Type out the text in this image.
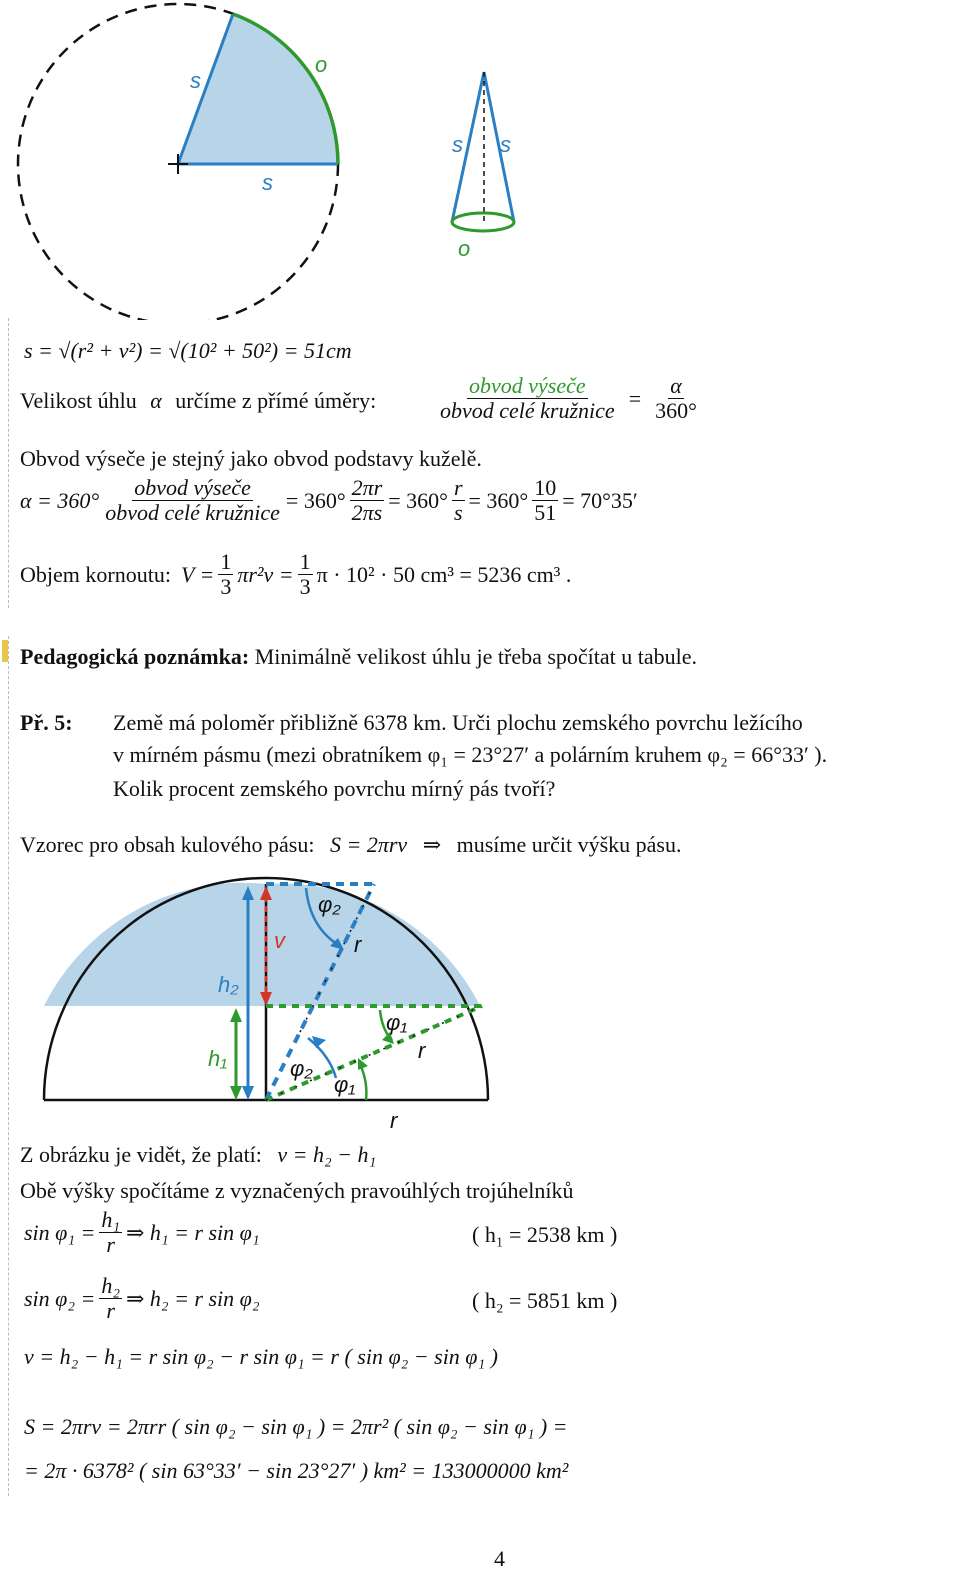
s
o
s
s s
o
s = √(r² + v²) = √(10² + 50²) = 51cm
Velikost úhlu α určíme z přímé úměry:	$\frac{\text{obvod výseče}}{\text{obvod celé kružnice}} = \frac{\alpha}{360^\circ}$
Obvod výseče je stejný jako obvod podstavy kuželě.
$\alpha = 360^\circ \frac{\text{obvod výseče}}{\text{obvod celé kružnice}} = 360^\circ \frac{2\pi r}{2\pi s} = 360^\circ \frac{r}{s} = 360^\circ \frac{10}{51} = 70^\circ 35'$
Objem kornoutu: $V = \frac{1}{3} \pi r^2v = \frac{1}{3}$ π · 10² · 50 cm³ = 5236 cm³ .
Pedagogická poznámka: Minimálně velikost úhlu je třeba spočítat u tabule.
Př. 5: Země má poloměr přibližně 6378 km. Urči plochu zemského povrchu ležícího
v mírném pásmu (mezi obratníkem φ₁ = 23°27′ a polárním kruhem φ₂ = 66°33′ ).
Kolik procent zemského povrchu mírný pás tvoří?
Vzorec pro obsah kulového pásu: S = 2πrv ⇒ musíme určit výšku pásu.
φ₂
v	r
h₂
φ₁
r
h₁	φ₂
φ₁
r
Z obrázku je vidět, že platí: v = h₂ − h₁
Obě výšky spočítáme z vyznačených pravoúhlých trojúhelníků
$\sin \varphi_1 = \frac{\text{h₁}}{r}$ ⇒ h₁ = r sin φ₁	( h₁ = 2538 km )
$\sin \varphi_2 = \frac{\text{h₂}}{r}$ ⇒ h₂ = r sin φ₂	( h₂ = 5851 km )
v = h₂ − h₁ = r sin φ₂ − r sin φ₁ = r ( sin φ₂ − sin φ₁ )
S = 2πrv = 2πrr ( sin φ₂ − sin φ₁ ) = 2πr² ( sin φ₂ − sin φ₁ ) =
= 2π · 6378² ( sin 63°33′ − sin 23°27′ ) km² = 133000000 km²
4
